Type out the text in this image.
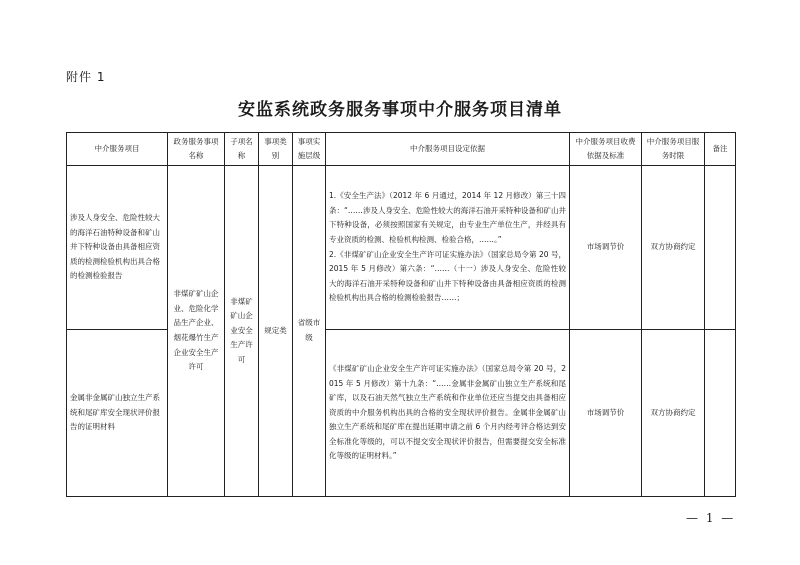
附件 1
安监系统政务服务事项中介服务项目清单
中介服务项目	政务服务事项名称	子项名称	事项类别	事项实施层级	中介服务项目设定依据	中介服务项目收费依据及标准	中介服务项目服务时限	备注
涉及人身安全、危险性较大的海洋石油特种设备和矿山井下特种设备由具备相应资质的检测检验机构出具合格的检测检验报告	非煤矿矿山企业、危险化学品生产企业、烟花爆竹生产企业安全生产许可	非煤矿矿山企业安全生产许可	规定类	省级市级	1.《安全生产法》（2012 年 6 月通过，2014 年 12 月修改）第三十四条：“……涉及人身安全、危险性较大的海洋石油开采特种设备和矿山井下特种设备，必须按照国家有关规定，由专业生产单位生产，并经具有专业资质的检测、检验机构检测、检验合格，……。”
2.《非煤矿矿山企业安全生产许可证实施办法》（国家总局令第 20 号，2015 年 5 月修改）第六条：“……（十一）涉及人身安全、危险性较大的海洋石油开采特种设备和矿山井下特种设备由具备相应资质的检测检验机构出具合格的检测检验报告……；	市场调节价	双方协商约定	
金属非金属矿山独立生产系统和尾矿库安全现状评价报告的证明材料					《非煤矿矿山企业安全生产许可证实施办法》（国家总局令第 20 号，2015 年 5 月修改）第十九条：“……金属非金属矿山独立生产系统和尾矿库，以及石油天然气独立生产系统和作业单位还应当提交由具备相应资质的中介服务机构出具的合格的安全现状评价报告。金属非金属矿山独立生产系统和尾矿库在提出延期申请之前 6 个月内经考评合格达到安全标准化等级的，可以不提交安全现状评价报告，但需要提交安全标准化等级的证明材料。”	市场调节价	双方协商约定	
— 1 —
